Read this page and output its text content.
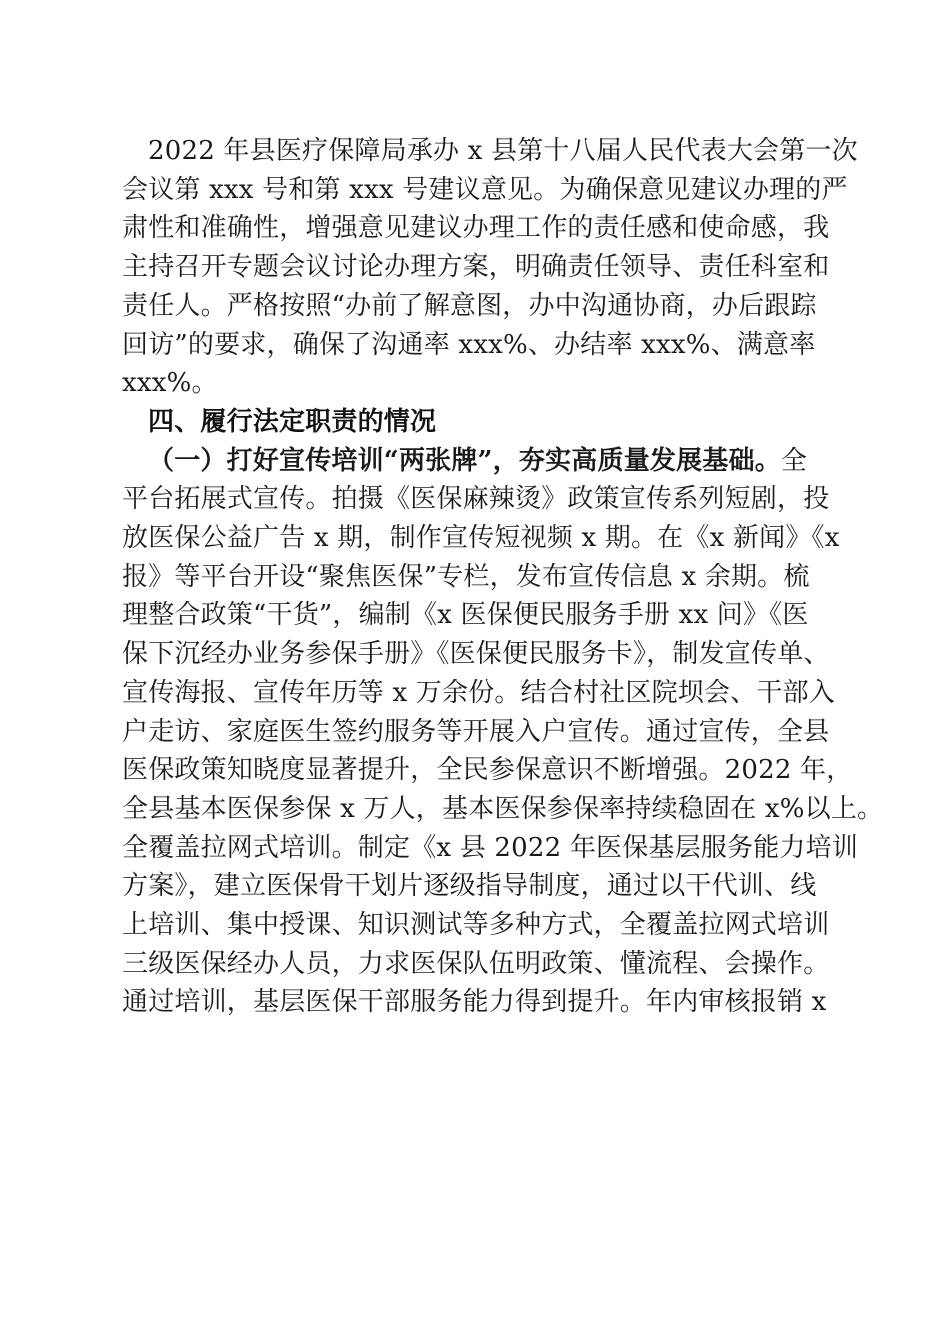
2022 年县医疗保障局承办 x 县第十八届人民代表大会第一次
会议第 xxx 号和第 xxx 号建议意见。为确保意见建议办理的严
肃性和准确性，增强意见建议办理工作的责任感和使命感，我
主持召开专题会议讨论办理方案，明确责任领导、责任科室和
责任人。严格按照“办前了解意图，办中沟通协商，办后跟踪
回访”的要求，确保了沟通率 xxx%、办结率 xxx%、满意率
xxx%。
四、履行法定职责的情况
（一）打好宣传培训“两张牌”，夯实高质量发展基础。全
平台拓展式宣传。拍摄《医保麻辣烫》政策宣传系列短剧，投
放医保公益广告 x 期，制作宣传短视频 x 期。在《x 新闻》《x
报》等平台开设“聚焦医保”专栏，发布宣传信息 x 余期。梳
理整合政策“干货”，编制《x 医保便民服务手册 xx 问》《医
保下沉经办业务参保手册》《医保便民服务卡》，制发宣传单、
宣传海报、宣传年历等 x 万余份。结合村社区院坝会、干部入
户走访、家庭医生签约服务等开展入户宣传。通过宣传，全县
医保政策知晓度显著提升，全民参保意识不断增强。2022 年，
全县基本医保参保 x 万人，基本医保参保率持续稳固在 x%以上。
全覆盖拉网式培训。制定《x 县 2022 年医保基层服务能力培训
方案》，建立医保骨干划片逐级指导制度，通过以干代训、线
上培训、集中授课、知识测试等多种方式，全覆盖拉网式培训
三级医保经办人员，力求医保队伍明政策、懂流程、会操作。
通过培训，基层医保干部服务能力得到提升。年内审核报销 x
